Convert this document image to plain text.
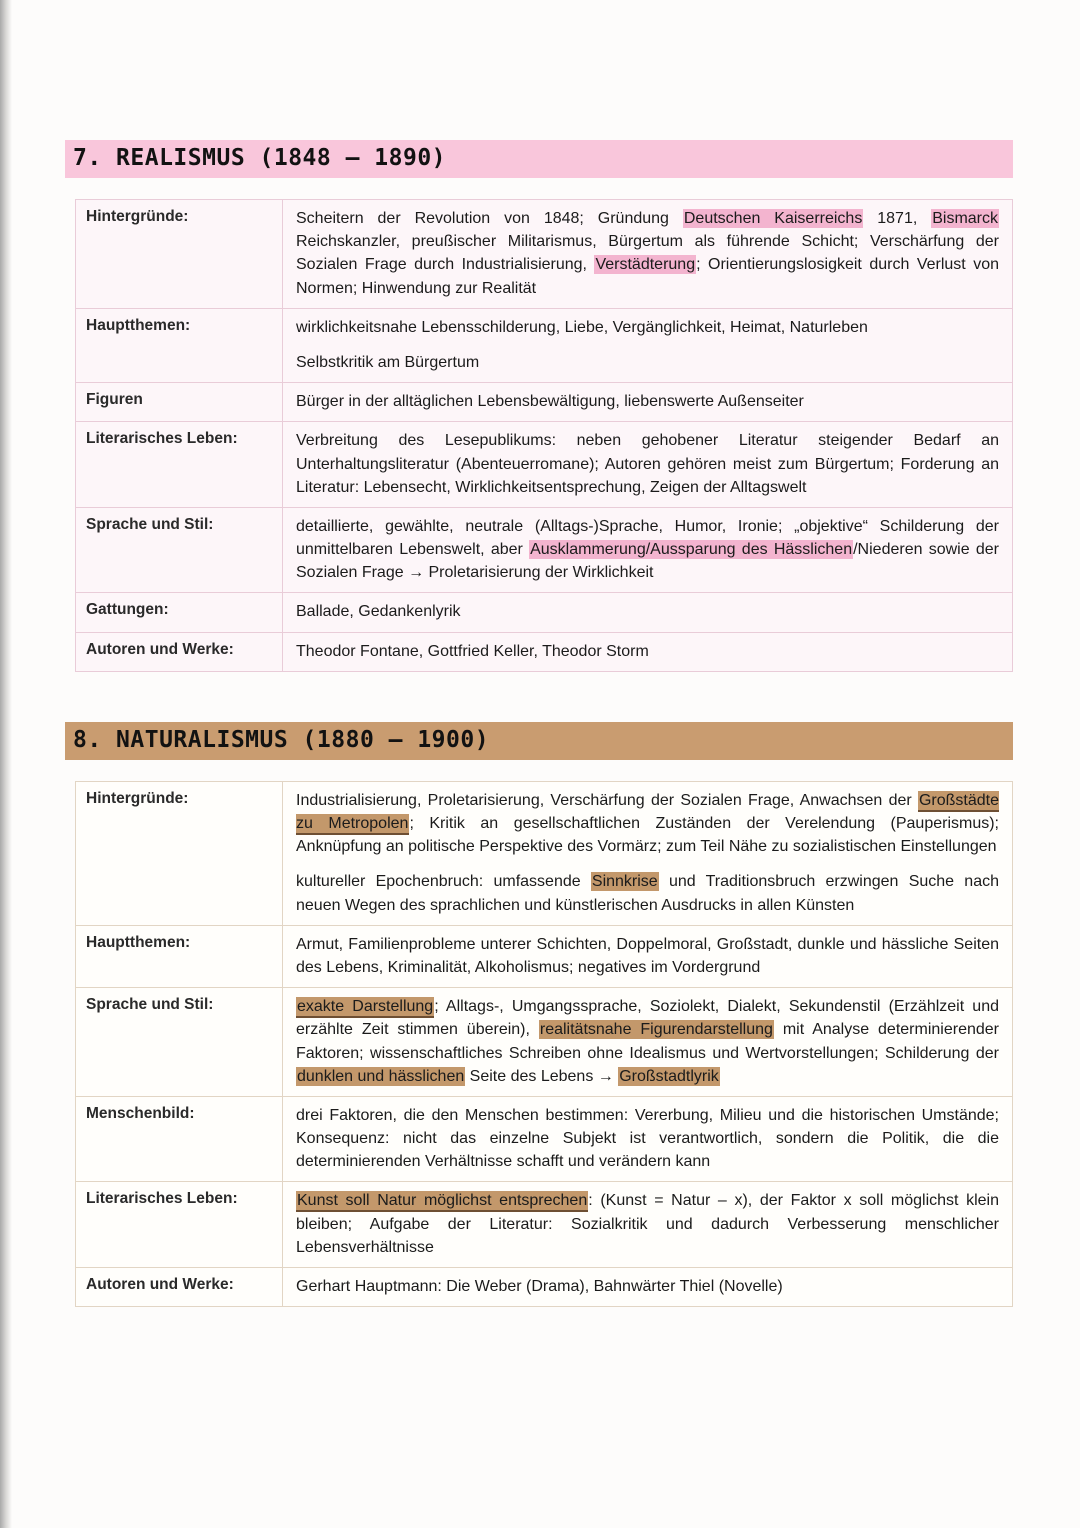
7. REALISMUS (1848 – 1890)
Hintergründe:	Scheitern der Revolution von 1848; Gründung Deutschen Kaiserreichs 1871, Bismarck Reichskanzler, preußischer Militarismus, Bürgertum als führende Schicht; Verschärfung der Sozialen Frage durch Industrialisierung, Verstädterung; Orientierungslosigkeit durch Verlust von Normen; Hinwendung zur Realität

Hauptthemen:	wirklichkeitsnahe Lebensschilderung, Liebe, Vergänglichkeit, Heimat, Naturleben

Selbstkritik am Bürgertum

Figuren	Bürger in der alltäglichen Lebensbewältigung, liebenswerte Außenseiter

Literarisches Leben:	Verbreitung des Lesepublikums: neben gehobener Literatur steigender Bedarf an Unterhaltungsliteratur (Abenteuerromane); Autoren gehören meist zum Bürgertum; Forderung an Literatur: Lebensecht, Wirklichkeitsentsprechung, Zeigen der Alltagswelt

Sprache und Stil:	detaillierte, gewählte, neutrale (Alltags-)Sprache, Humor, Ironie; „objektive“ Schilderung der unmittelbaren Lebenswelt, aber Ausklammerung/Aussparung des Hässlichen/Niederen sowie der Sozialen Frage → Proletarisierung der Wirklichkeit

Gattungen:	Ballade, Gedankenlyrik

Autoren und Werke:	Theodor Fontane, Gottfried Keller, Theodor Storm

8. NATURALISMUS (1880 – 1900)
Hintergründe:	Industrialisierung, Proletarisierung, Verschärfung der Sozialen Frage, Anwachsen der Großstädte zu Metropolen; Kritik an gesellschaftlichen Zuständen der Verelendung (Pauperismus); Anknüpfung an politische Perspektive des Vormärz; zum Teil Nähe zu sozialistischen Einstellungen

kultureller Epochenbruch: umfassende Sinnkrise und Traditionsbruch erzwingen Suche nach neuen Wegen des sprachlichen und künstlerischen Ausdrucks in allen Künsten

Hauptthemen:	Armut, Familienprobleme unterer Schichten, Doppelmoral, Großstadt, dunkle und hässliche Seiten des Lebens, Kriminalität, Alkoholismus; negatives im Vordergrund

Sprache und Stil:	exakte Darstellung; Alltags-, Umgangssprache, Soziolekt, Dialekt, Sekundenstil (Erzählzeit und erzählte Zeit stimmen überein), realitätsnahe Figurendarstellung mit Analyse determinierender Faktoren; wissenschaftliches Schreiben ohne Idealismus und Wertvorstellungen; Schilderung der dunklen und hässlichen Seite des Lebens → Großstadtlyrik

Menschenbild:	drei Faktoren, die den Menschen bestimmen: Vererbung, Milieu und die historischen Umstände; Konsequenz: nicht das einzelne Subjekt ist verantwortlich, sondern die Politik, die die determinierenden Verhältnisse schafft und verändern kann

Literarisches Leben:	Kunst soll Natur möglichst entsprechen: (Kunst = Natur – x), der Faktor x soll möglichst klein bleiben; Aufgabe der Literatur: Sozialkritik und dadurch Verbesserung menschlicher Lebensverhältnisse

Autoren und Werke:	Gerhart Hauptmann: Die Weber (Drama), Bahnwärter Thiel (Novelle)
